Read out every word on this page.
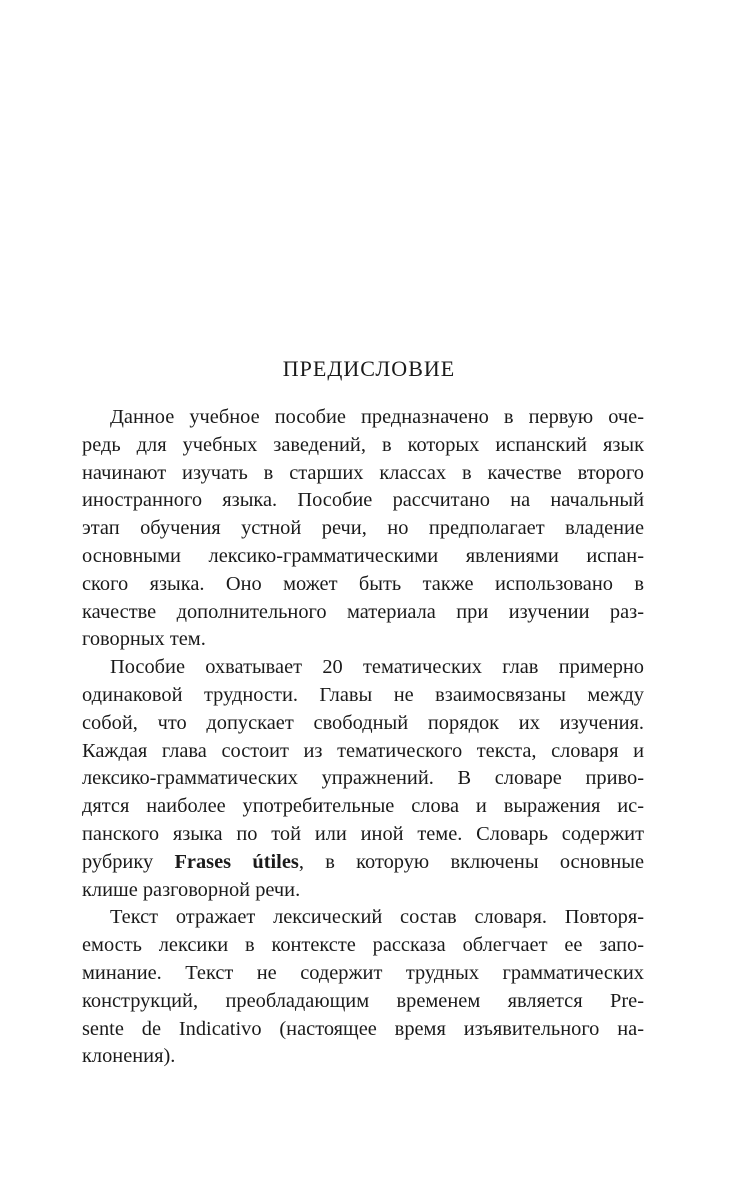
ПРЕДИСЛОВИЕ
Данное учебное пособие предназначено в первую оче-
редь для учебных заведений, в которых испанский язык
начинают изучать в старших классах в качестве второго
иностранного языка. Пособие рассчитано на начальный
этап обучения устной речи, но предполагает владение
основными лексико-грамматическими явлениями испан-
ского языка. Оно может быть также использовано в
качестве дополнительного материала при изучении раз-
говорных тем.
Пособие охватывает 20 тематических глав примерно
одинаковой трудности. Главы не взаимосвязаны между
собой, что допускает свободный порядок их изучения.
Каждая глава состоит из тематического текста, словаря и
лексико-грамматических упражнений. В словаре приво-
дятся наиболее употребительные слова и выражения ис-
панского языка по той или иной теме. Словарь содержит
рубрику Frases útiles, в которую включены основные
клише разговорной речи.
Текст отражает лексический состав словаря. Повторя-
емость лексики в контексте рассказа облегчает ее запо-
минание. Текст не содержит трудных грамматических
конструкций, преобладающим временем является Pre-
sente de Indicativo (настоящее время изъявительного на-
клонения).
